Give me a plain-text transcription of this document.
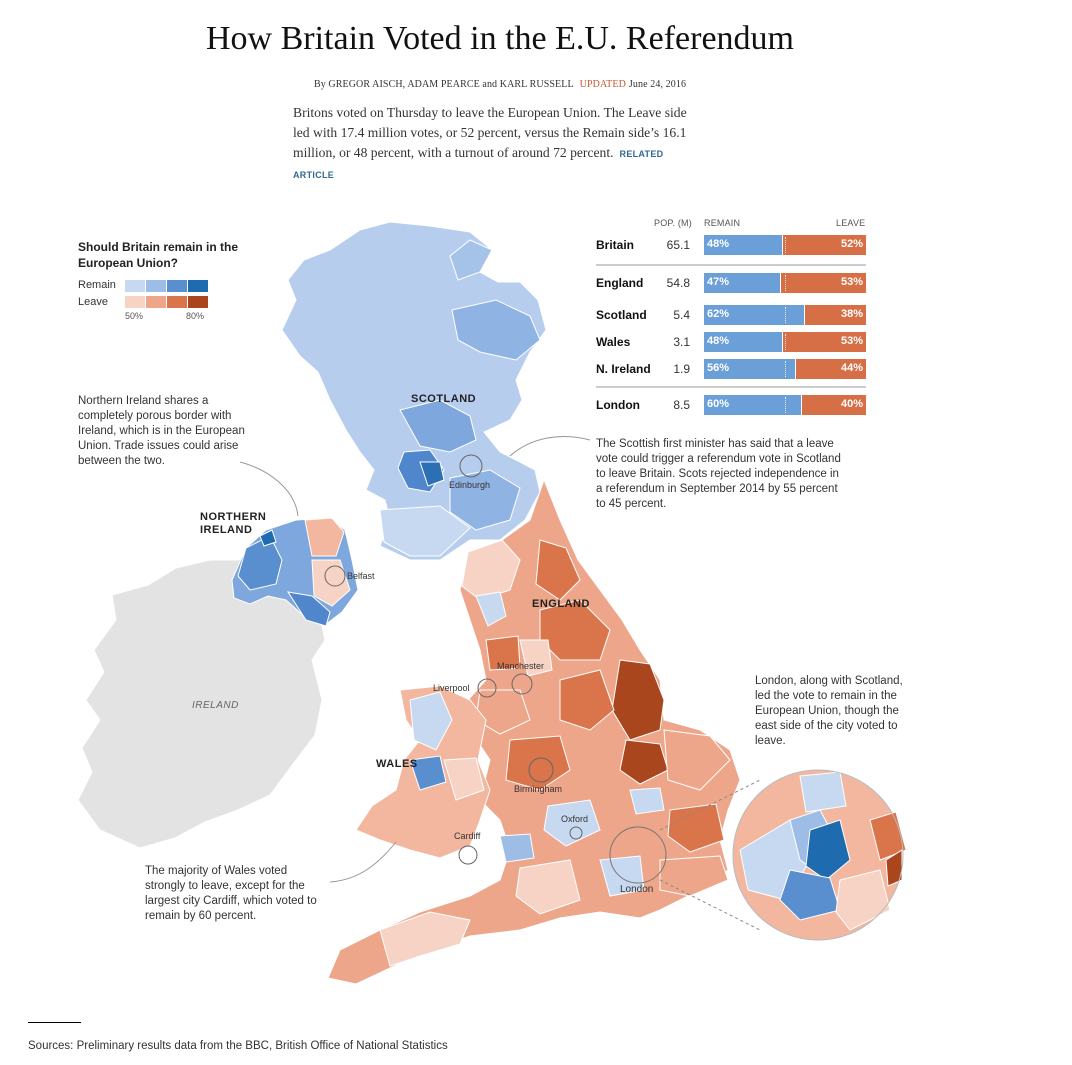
How Britain Voted in the E.U. Referendum
By GREGOR AISCH, ADAM PEARCE and KARL RUSSELL UPDATED June 24, 2016
Britons voted on Thursday to leave the European Union. The Leave side led with 17.4 million votes, or 52 percent, versus the Remain side’s 16.1 million, or 48 percent, with a turnout of around 72 percent. RELATED ARTICLE
SCOTLAND
NORTHERN
IRELAND
ENGLAND
WALES
IRELAND
Edinburgh
Belfast
Manchester
Liverpool
Birmingham
Oxford
Cardiff
London
Should Britain remain in the European Union?
Remain
Leave
50%	80%
Northern Ireland shares a completely porous border with Ireland, which is in the European Union. Trade issues could arise between the two.
The Scottish first minister has said that a leave vote could trigger a referendum vote in Scotland to leave Britain. Scots rejected independence in a referendum in September 2014 by 55 percent to 45 percent.
London, along with Scotland, led the vote to remain in the European Union, though the east side of the city voted to leave.
The majority of Wales voted strongly to leave, except for the largest city Cardiff, which voted to remain by 60 percent.
POP. (M) REMAIN	LEAVE
Britain	65.1 48%	52%
England	54.8 47%	53%
Scotland	5.4 62%	38%
Wales	3.1 48%	53%
N. Ireland	1.9 56%	44%
London	8.5 60%	40%
Sources: Preliminary results data from the BBC, British Office of National Statistics
